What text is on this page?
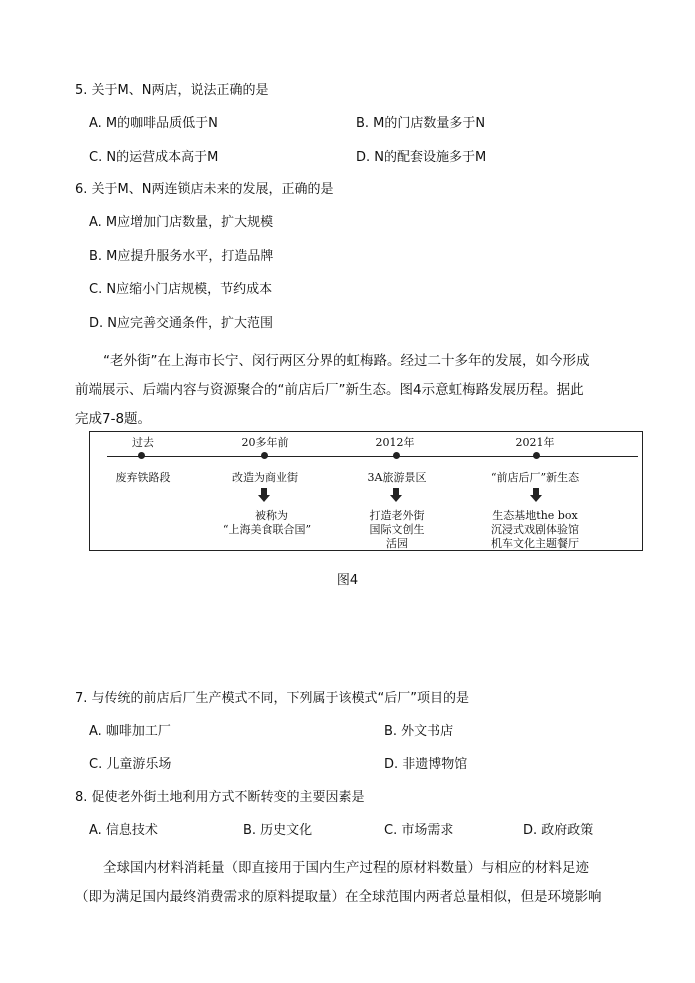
5. 关于M、N两店，说法正确的是
A. M的咖啡品质低于N	B. M的门店数量多于N
C. N的运营成本高于M	D. N的配套设施多于M
6. 关于M、N两连锁店未来的发展，正确的是
A. M应增加门店数量，扩大规模
B. M应提升服务水平，打造品牌
C. N应缩小门店规模，节约成本
D. N应完善交通条件，扩大范围
“老外街”在上海市长宁、闵行两区分界的虹梅路。经过二十多年的发展，如今形成
前端展示、后端内容与资源聚合的“前店后厂”新生态。图4示意虹梅路发展历程。据此
完成7-8题。
过去
废弃铁路段
20多年前
改造为商业街
被称为
“上海美食联合国”
2012年
3A旅游景区
打造老外街
国际文创生
活园
2021年
“前店后厂”新生态
生态基地the box
沉浸式戏剧体验馆
机车文化主题餐厅
图4
7. 与传统的前店后厂生产模式不同，下列属于该模式“后厂”项目的是
A. 咖啡加工厂	B. 外文书店
C. 儿童游乐场	D. 非遗博物馆
8. 促使老外街土地利用方式不断转变的主要因素是
A. 信息技术	B. 历史文化	C. 市场需求	D. 政府政策
全球国内材料消耗量（即直接用于国内生产过程的原材料数量）与相应的材料足迹
（即为满足国内最终消费需求的原料提取量）在全球范围内两者总量相似，但是环境影响
